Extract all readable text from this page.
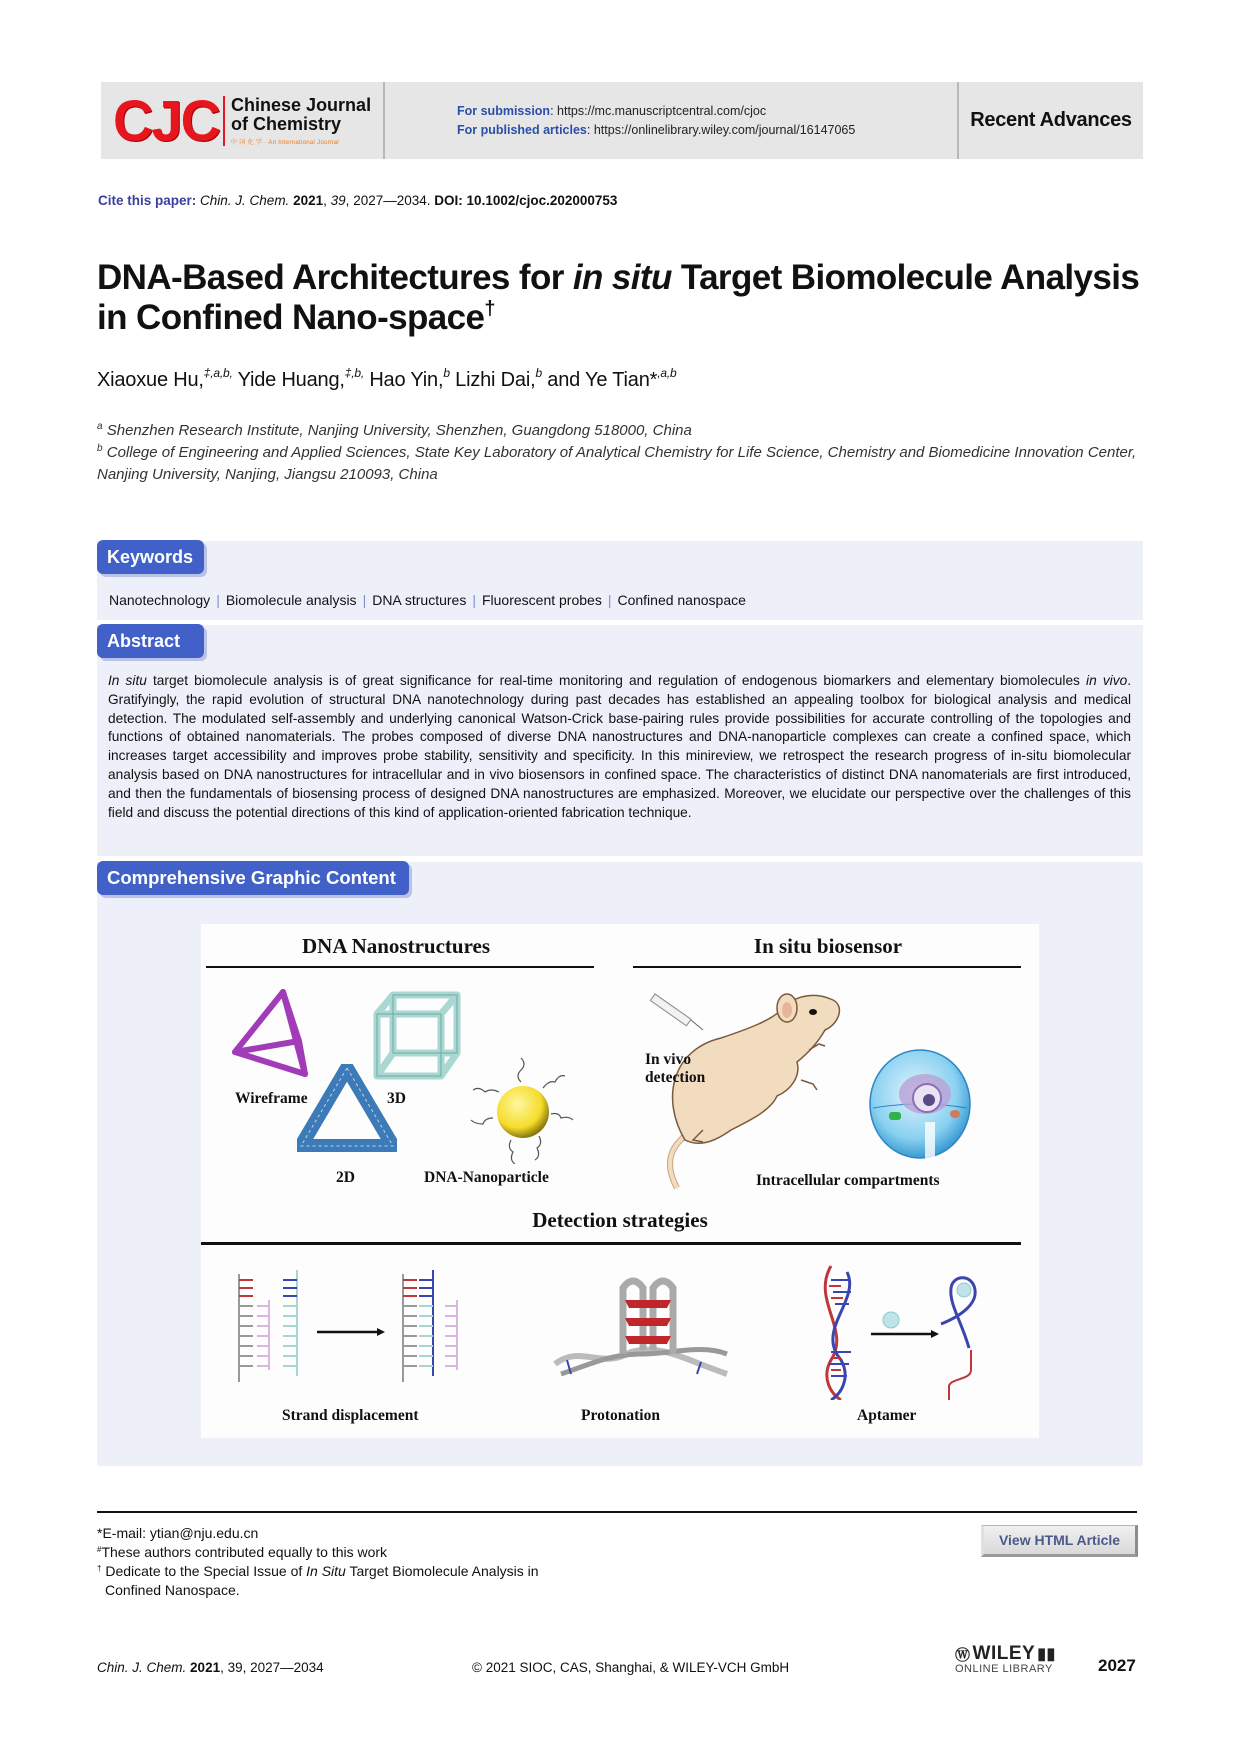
CJC Chinese Journal
of Chemistry
中 国 化 学 · An International Journal
For submission: https://mc.manuscriptcentral.com/cjoc
For published articles: https://onlinelibrary.wiley.com/journal/16147065	Recent Advances
Cite this paper: Chin. J. Chem. 2021, 39, 2027—2034. DOI: 10.1002/cjoc.202000753
DNA-Based Architectures for in situ Target Biomolecule Analysis in Confined Nano-space†
Xiaoxue Hu,$^{\ddagger,a,b,}$ Yide Huang,$^{\ddagger,b,}$ Hao Yin,$^b$ Lizhi Dai,$^b$ and Ye Tian*$^{,a,b}$
$^a$ Shenzhen Research Institute, Nanjing University, Shenzhen, Guangdong 518000, China
$^b$ College of Engineering and Applied Sciences, State Key Laboratory of Analytical Chemistry for Life Science, Chemistry and Biomedicine Innovation Center, Nanjing University, Nanjing, Jiangsu 210093, China
Keywords
Nanotechnology | Biomolecule analysis | DNA structures | Fluorescent probes | Confined nanospace
Abstract

In situ target biomolecule analysis is of great significance for real-time monitoring and regulation of endogenous biomarkers and elementary biomolecules in vivo. Gratifyingly, the rapid evolution of structural DNA nanotechnology during past decades has established an appealing toolbox for biological analysis and medical detection. The modulated self-assembly and underlying canonical Watson-Crick base-pairing rules provide possibilities for accurate controlling of the topologies and functions of obtained nanomaterials. The probes composed of diverse DNA nanostructures and DNA-nanoparticle complexes can create a confined space, which increases target accessibility and improves probe stability, sensitivity and specificity. In this minireview, we retrospect the research progress of in-situ biomolecular analysis based on DNA nanostructures for intracellular and in vivo biosensors in confined space. The characteristics of distinct DNA nanomaterials are first introduced, and then the fundamentals of biosensing process of designed DNA nanostructures are emphasized. Moreover, we elucidate our perspective over the challenges of this field and discuss the potential directions of this kind of application-oriented fabrication technique.

Comprehensive Graphic Content
DNA Nanostructures	In situ biosensor
Wireframe	3D
2D	DNA-Nanoparticle
In vivo
detection
Intracellular compartments
Detection strategies
Strand displacement	Protonation	Aptamer
*E-mail: ytian@nju.edu.cn
#These authors contributed equally to this work
† Dedicate to the Special Issue of In Situ Target Biomolecule Analysis in
Confined Nanospace.
View HTML Article
Chin. J. Chem. 2021, 39, 2027—2034	© 2021 SIOC, CAS, Shanghai, & WILEY-VCH GmbH
Ⓦ WILEY ▮▮
ONLINE LIBRARY	2027
